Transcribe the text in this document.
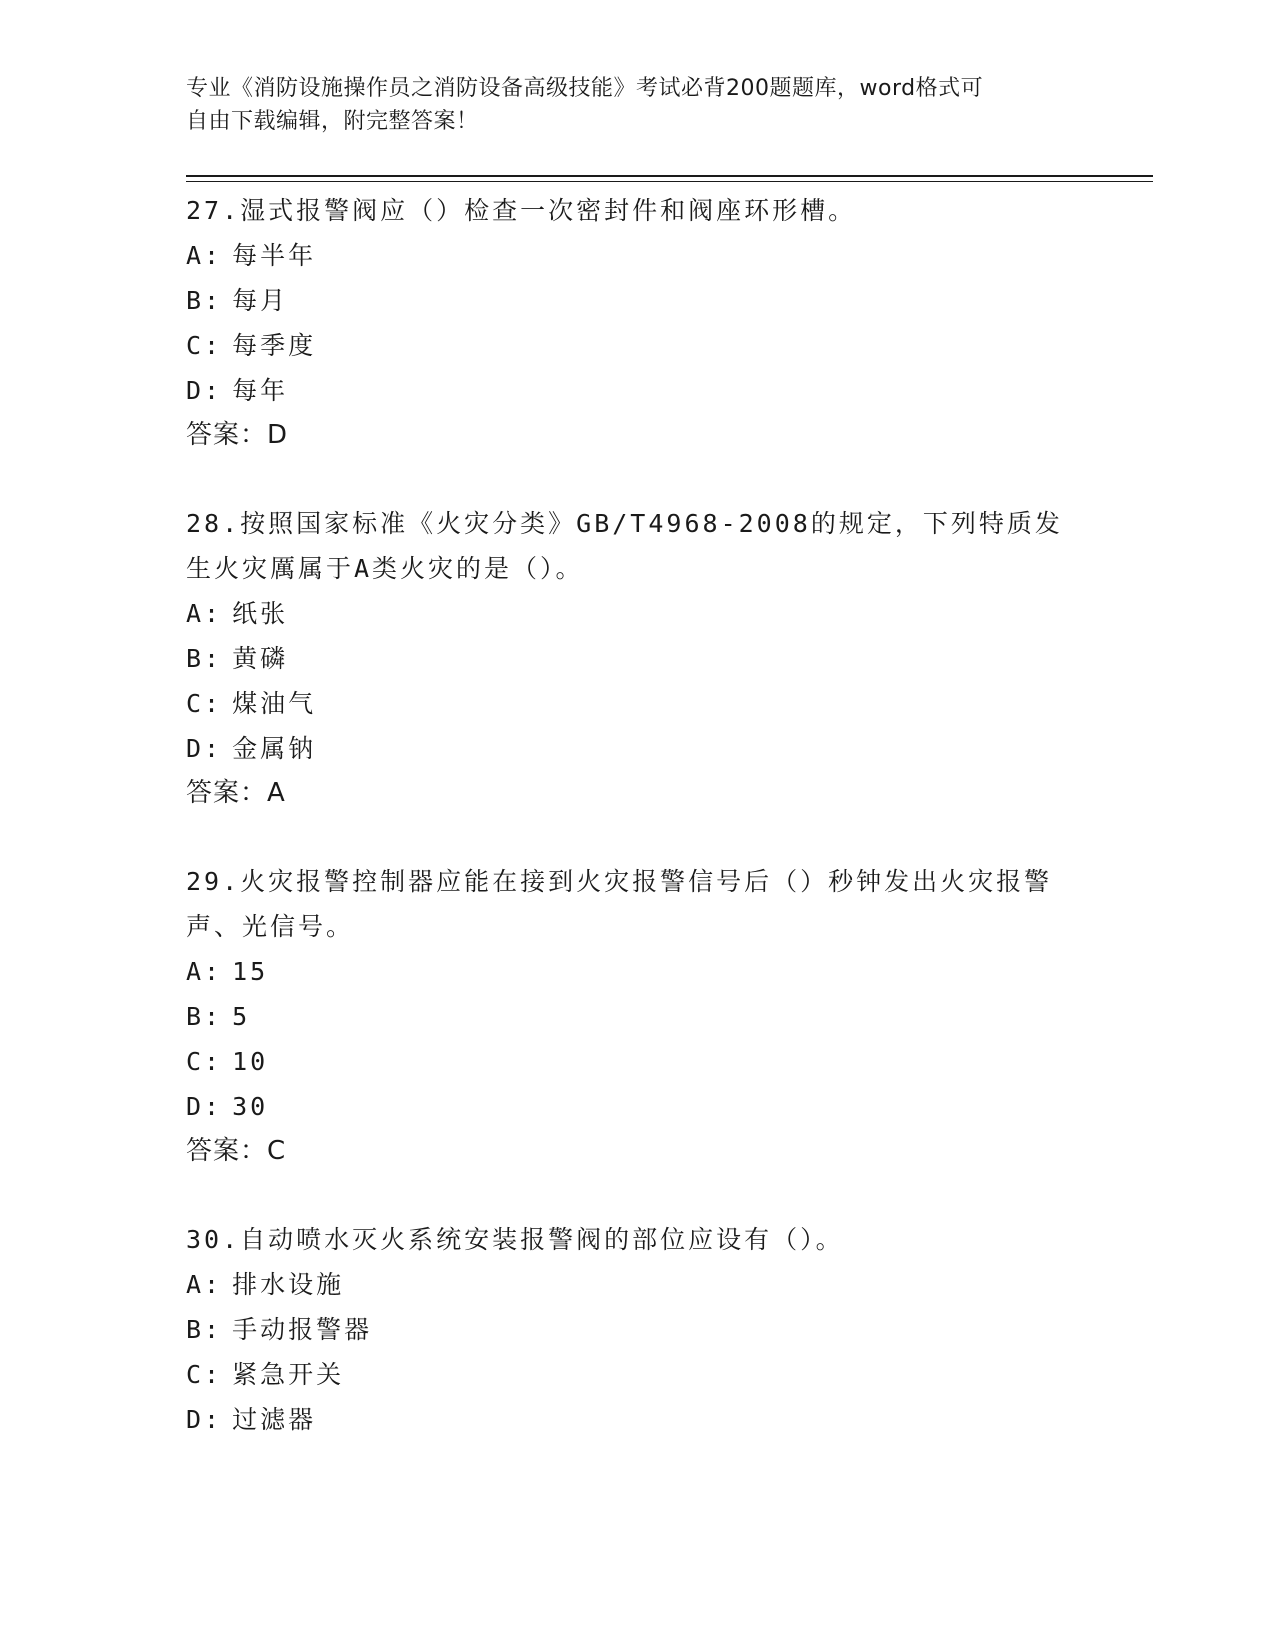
专业《消防设施操作员之消防设备高级技能》考试必背200题题库，word格式可
自由下载编辑，附完整答案！

27.湿式报警阀应（）检查一次密封件和阀座环形槽。

A: 每半年

B: 每月

C: 每季度

D: 每年

答案：D

28.按照国家标准《火灾分类》GB/T4968-2008的规定，下列特质发生火灾厲属于A类火灾的是（）。

A: 纸张

B: 黄磷

C: 煤油气

D: 金属钠

答案：A

29.火灾报警控制器应能在接到火灾报警信号后（）秒钟发出火灾报警声、光信号。

A: 15

B: 5

C: 10

D: 30

答案：C

30.自动喷水灭火系统安装报警阀的部位应设有（）。

A: 排水设施

B: 手动报警器

C: 紧急开关

D: 过滤器
